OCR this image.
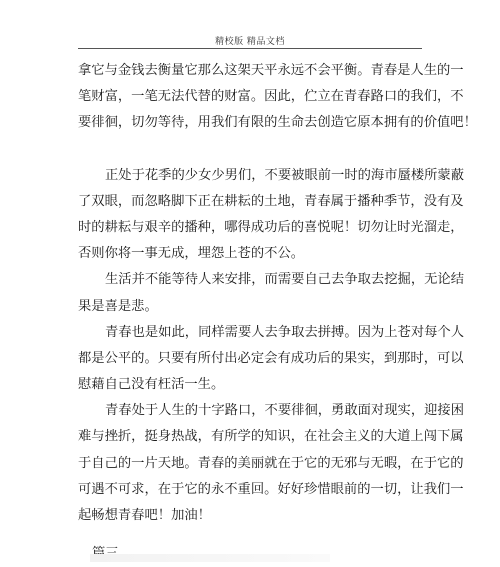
精校版 精品文档
拿它与金钱去衡量它那么这架天平永远不会平衡。青春是人生的一
笔财富，一笔无法代替的财富。因此，伫立在青春路口的我们，不
要徘徊，切勿等待，用我们有限的生命去创造它原本拥有的价值吧！
正处于花季的少女少男们，不要被眼前一时的海市蜃楼所蒙蔽
了双眼，而忽略脚下正在耕耘的土地，青春属于播种季节，没有及
时的耕耘与艰辛的播种，哪得成功后的喜悦呢！切勿让时光溜走，
否则你将一事无成，埋怨上苍的不公。
生活并不能等待人来安排，而需要自己去争取去挖掘，无论结
果是喜是悲。
青春也是如此，同样需要人去争取去拼搏。因为上苍对每个人
都是公平的。只要有所付出必定会有成功后的果实，到那时，可以
慰藉自己没有枉活一生。
青春处于人生的十字路口，不要徘徊，勇敢面对现实，迎接困
难与挫折，挺身热战，有所学的知识，在社会主义的大道上闯下属
于自己的一片天地。青春的美丽就在于它的无邪与无暇，在于它的
可遇不可求，在于它的永不重回。好好珍惜眼前的一切，让我们一
起畅想青春吧！加油！
